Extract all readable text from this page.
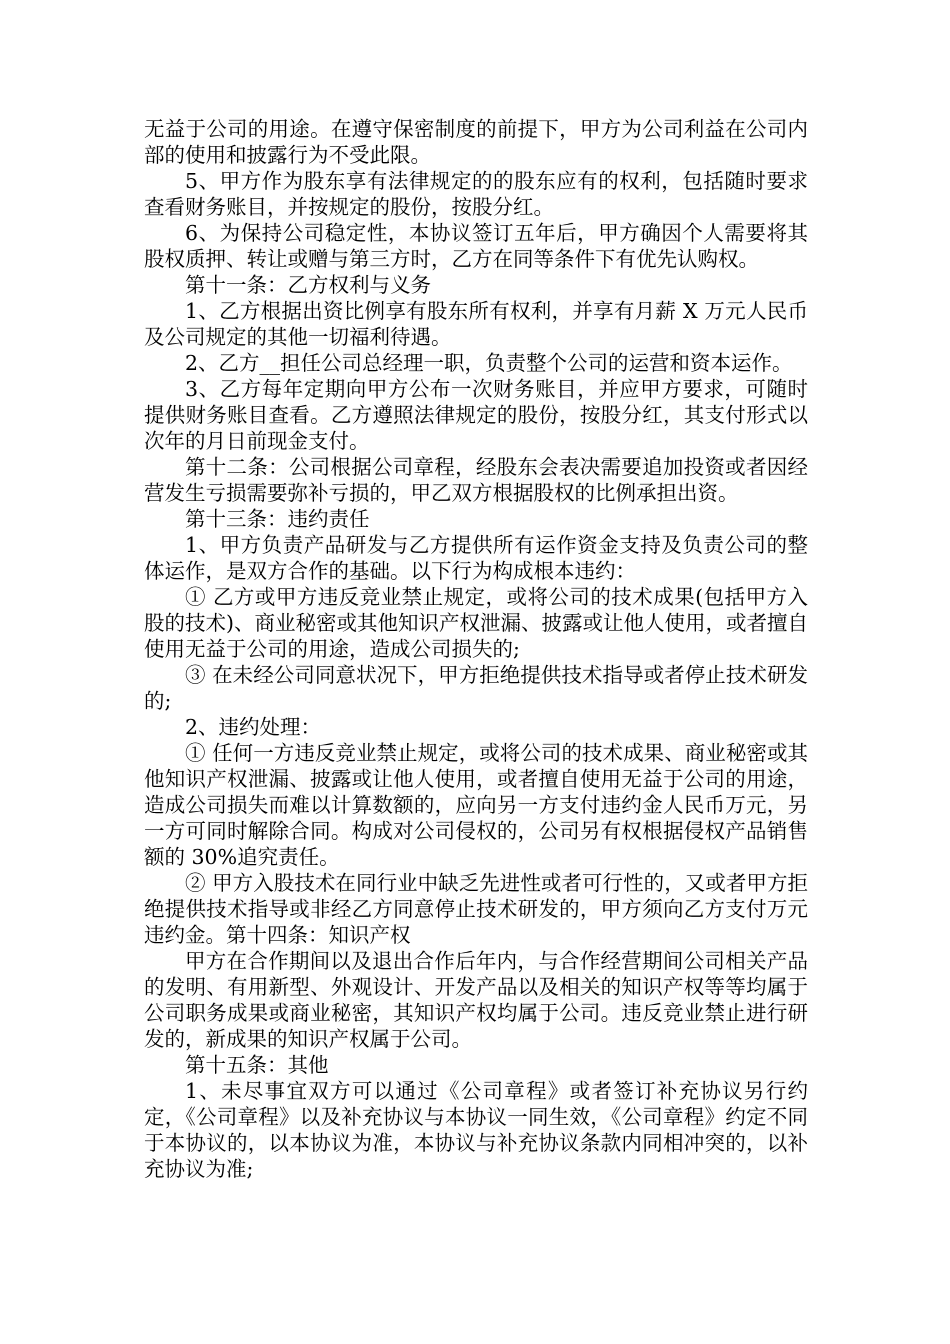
无益于公司的用途。在遵守保密制度的前提下，甲方为公司利益在公司内部的使用和披露行为不受此限。

5、甲方作为股东享有法律规定的的股东应有的权利，包括随时要求查看财务账目，并按规定的股份，按股分红。

6、为保持公司稳定性，本协议签订五年后，甲方确因个人需要将其股权质押、转让或赠与第三方时，乙方在同等条件下有优先认购权。

第十一条：乙方权利与义务

1、乙方根据出资比例享有股东所有权利，并享有月薪 X 万元人民币及公司规定的其他一切福利待遇。

2、乙方__担任公司总经理一职，负责整个公司的运营和资本运作。

3、乙方每年定期向甲方公布一次财务账目，并应甲方要求，可随时提供财务账目查看。乙方遵照法律规定的股份，按股分红，其支付形式以次年的月日前现金支付。

第十二条：公司根据公司章程，经股东会表决需要追加投资或者因经营发生亏损需要弥补亏损的，甲乙双方根据股权的比例承担出资。

第十三条：违约责任

1、甲方负责产品研发与乙方提供所有运作资金支持及负责公司的整体运作，是双方合作的基础。以下行为构成根本违约：

① 乙方或甲方违反竞业禁止规定，或将公司的技术成果(包括甲方入股的技术)、商业秘密或其他知识产权泄漏、披露或让他人使用，或者擅自使用无益于公司的用途，造成公司损失的;

③ 在未经公司同意状况下，甲方拒绝提供技术指导或者停止技术研发的;

2、违约处理：

① 任何一方违反竞业禁止规定，或将公司的技术成果、商业秘密或其他知识产权泄漏、披露或让他人使用，或者擅自使用无益于公司的用途，造成公司损失而难以计算数额的，应向另一方支付违约金人民币万元，另一方可同时解除合同。构成对公司侵权的，公司另有权根据侵权产品销售额的 30%追究责任。

② 甲方入股技术在同行业中缺乏先进性或者可行性的，又或者甲方拒绝提供技术指导或非经乙方同意停止技术研发的，甲方须向乙方支付万元违约金。第十四条：知识产权

甲方在合作期间以及退出合作后年内，与合作经营期间公司相关产品的发明、有用新型、外观设计、开发产品以及相关的知识产权等等均属于公司职务成果或商业秘密，其知识产权均属于公司。违反竞业禁止进行研发的，新成果的知识产权属于公司。

第十五条：其他

1、未尽事宜双方可以通过《公司章程》或者签订补充协议另行约定，《公司章程》以及补充协议与本协议一同生效，《公司章程》约定不同于本协议的，以本协议为准，本协议与补充协议条款内同相冲突的，以补充协议为准;
